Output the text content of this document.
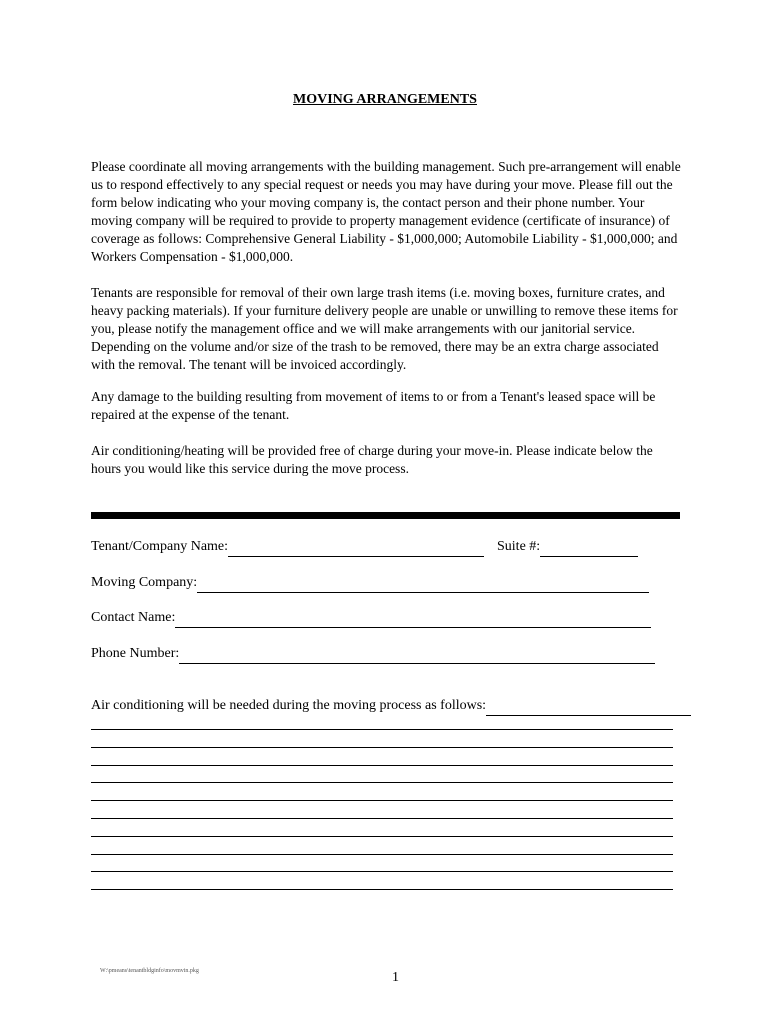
MOVING ARRANGEMENTS
Please coordinate all moving arrangements with the building management. Such pre-arrangement will enable us to respond effectively to any special request or needs you may have during your move. Please fill out the form below indicating who your moving company is, the contact person and their phone number. Your moving company will be required to provide to property management evidence (certificate of insurance) of coverage as follows: Comprehensive General Liability - $1,000,000; Automobile Liability - $1,000,000; and Workers Compensation - $1,000,000.
Tenants are responsible for removal of their own large trash items (i.e. moving boxes, furniture crates, and heavy packing materials). If your furniture delivery people are unable or unwilling to remove these items for you, please notify the management office and we will make arrangements with our janitorial service. Depending on the volume and/or size of the trash to be removed, there may be an extra charge associated with the removal. The tenant will be invoiced accordingly.
Any damage to the building resulting from movement of items to or from a Tenant's leased space will be repaired at the expense of the tenant.
Air conditioning/heating will be provided free of charge during your move-in. Please indicate below the hours you would like this service during the move process.
Tenant/Company Name:	Suite #:
Moving Company:
Contact Name:
Phone Number:
Air conditioning will be needed during the moving process as follows:
W:\pmeans\tenantbldginfo\movmvin.pkg	1
